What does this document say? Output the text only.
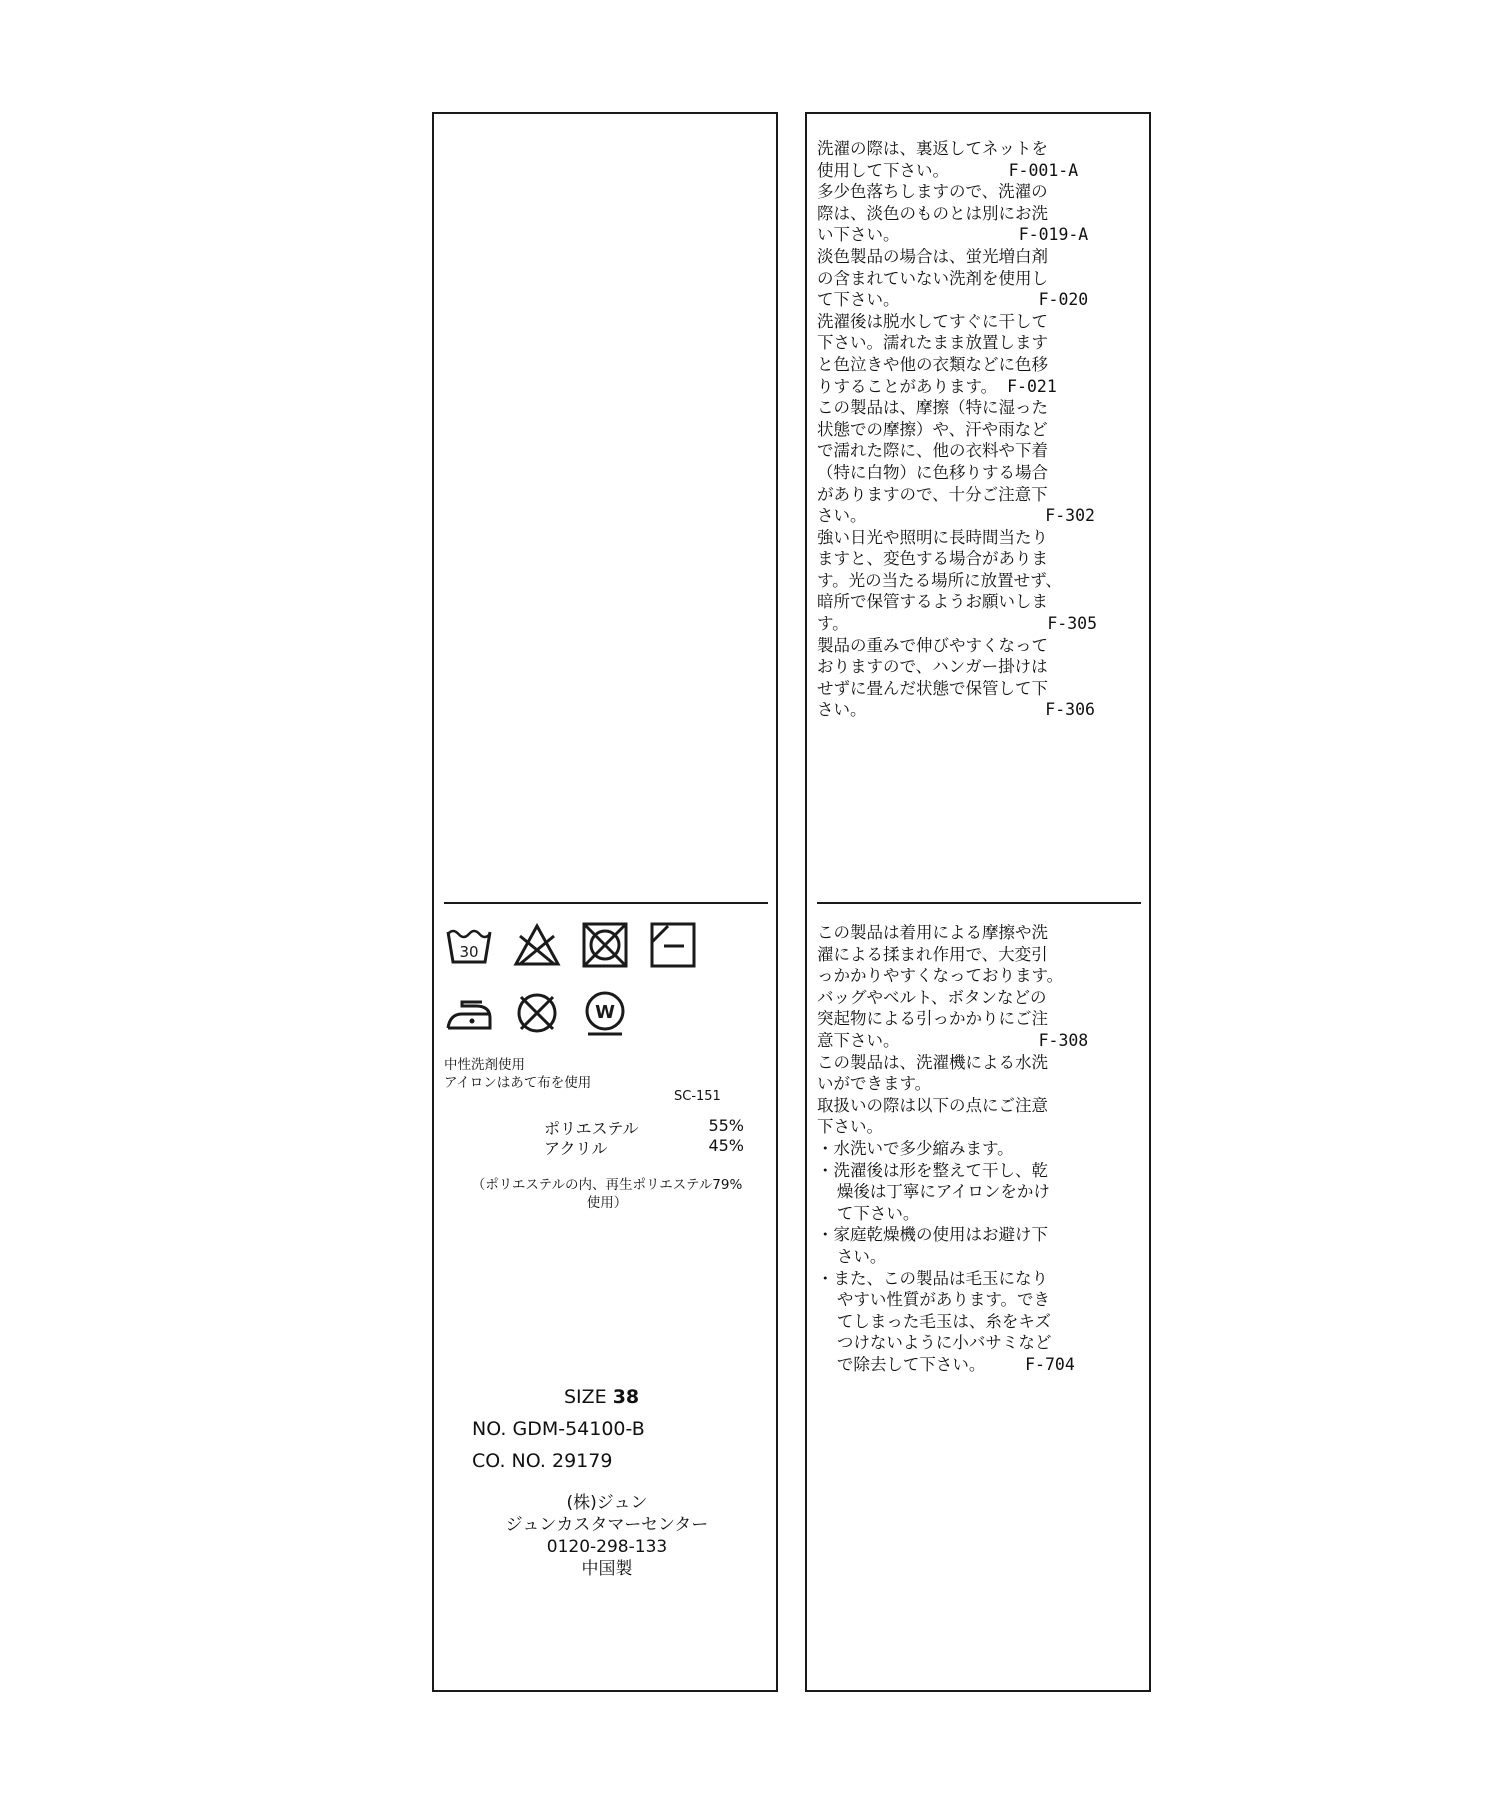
30
W
中性洗剤使用
アイロンはあて布を使用
SC-151
ポリエステル	55%
アクリル	45%
（ポリエステルの内、再生ポリエステル79%
使用）
SIZE 38
NO. GDM-54100-B
CO. NO. 29179
(株)ジュン
ジュンカスタマーセンター
0120-298-133
中国製
洗濯の際は、裏返してネットを
使用して下さい。      F-001-A
多少色落ちしますので、洗濯の
際は、淡色のものとは別にお洗
い下さい。            F-019-A
淡色製品の場合は、蛍光増白剤
の含まれていない洗剤を使用し
て下さい。              F-020
洗濯後は脱水してすぐに干して
下さい。濡れたまま放置します
と色泣きや他の衣類などに色移
りすることがあります。 F-021
この製品は、摩擦（特に湿った
状態での摩擦）や、汗や雨など
で濡れた際に、他の衣料や下着
（特に白物）に色移りする場合
がありますので、十分ご注意下
さい。                  F-302
強い日光や照明に長時間当たり
ますと、変色する場合がありま
す。光の当たる場所に放置せず、
暗所で保管するようお願いしま
す。                    F-305
製品の重みで伸びやすくなって
おりますので、ハンガー掛けは
せずに畳んだ状態で保管して下
さい。                  F-306
この製品は着用による摩擦や洗
濯による揉まれ作用で、大変引
っかかりやすくなっております。
バッグやベルト、ボタンなどの
突起物による引っかかりにご注
意下さい。              F-308
この製品は、洗濯機による水洗
いができます。
取扱いの際は以下の点にご注意
下さい。
・水洗いで多少縮みます。
・洗濯後は形を整えて干し、乾
燥後は丁寧にアイロンをかけ
て下さい。
・家庭乾燥機の使用はお避け下
さい。
・また、この製品は毛玉になり
やすい性質があります。でき
てしまった毛玉は、糸をキズ
つけないように小バサミなど
で除去して下さい。    F-704
